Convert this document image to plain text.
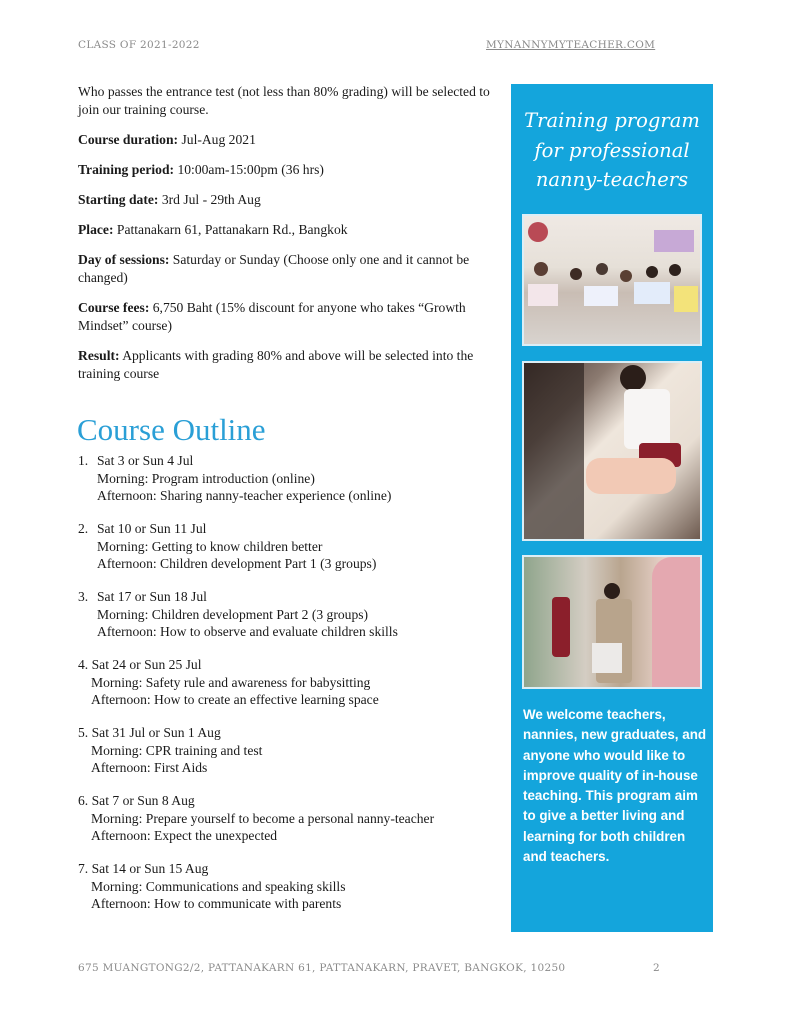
CLASS OF 2021-2022	MYNANNYMYTEACHER.COM

Who passes the entrance test (not less than 80% grading) will be selected to join our training course.

Course duration: Jul-Aug 2021

Training period: 10:00am-15:00pm (36 hrs)

Starting date: 3rd Jul - 29th Aug

Place: Pattanakarn 61, Pattanakarn Rd., Bangkok

Day of sessions: Saturday or Sunday (Choose only one and it cannot be changed)

Course fees: 6,750 Baht (15% discount for anyone who takes “Growth Mindset” course)

Result: Applicants with grading 80% and above will be selected into the training course

Course Outline
1. Sat 3 or Sun 4 Jul
Morning: Program introduction (online)
Afternoon: Sharing nanny-teacher experience (online)
2. Sat 10 or Sun 11 Jul
Morning: Getting to know children better
Afternoon: Children development Part 1 (3 groups)
3. Sat 17 or Sun 18 Jul
Morning: Children development Part 2 (3 groups)
Afternoon: How to observe and evaluate children skills
4.
Sat 24 or Sun 25 Jul
Morning: Safety rule and awareness for babysitting
Afternoon: How to create an effective learning space
5.
Sat 31 Jul or Sun 1 Aug
Morning: CPR training and test
Afternoon: First Aids
6.
Sat 7 or Sun 8 Aug
Morning: Prepare yourself to become a personal nanny-teacher
Afternoon: Expect the unexpected
7.
Sat 14 or Sun 15 Aug
Morning: Communications and speaking skills
Afternoon: How to communicate with parents
Training program for professional nanny-teachers
We welcome teachers, nannies, new graduates, and anyone who would like to improve quality of in-house teaching. This program aim to give a better living and learning for both children and teachers.
675 MUANGTONG2/2, PATTANAKARN 61, PATTANAKARN, PRAVET, BANGKOK, 10250	2
